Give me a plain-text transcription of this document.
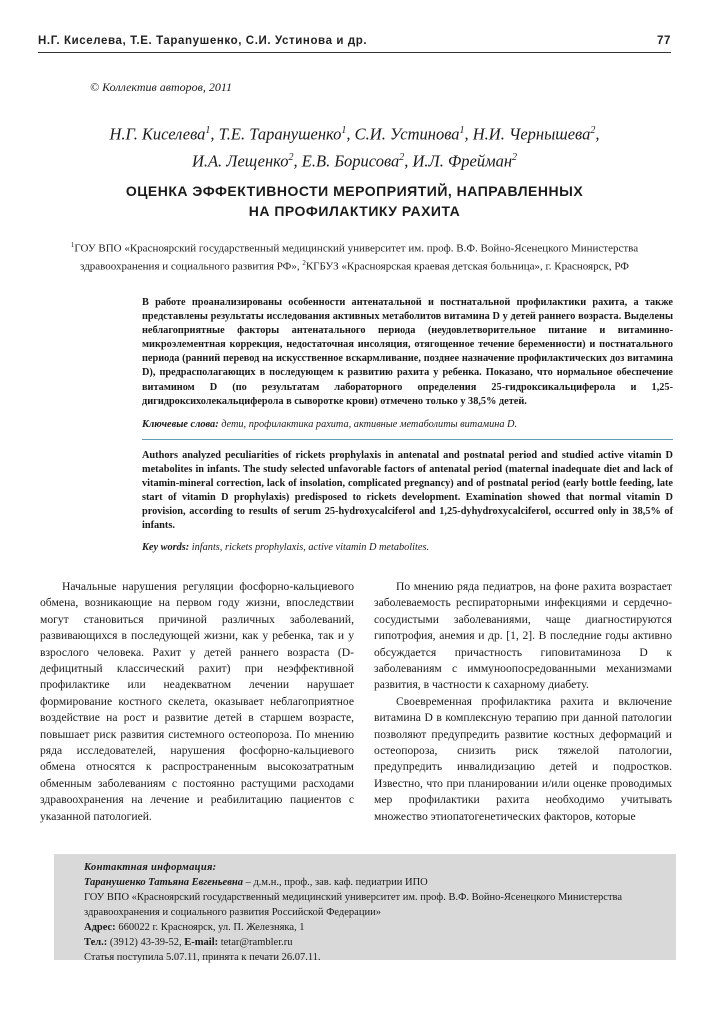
Н.Г. Киселева, Т.Е. Тараnушенко, С.И. Устинова и др.	77
© Коллектив авторов, 2011
Н.Г. Киселева$^1$, Т.Е. Таранушенко$^1$, С.И. Устинова$^1$, Н.И. Чернышева$^2$,
И.А. Лещенко$^2$, Е.В. Борисова$^2$, И.Л. Фрейман$^2$
ОЦЕНКА ЭФФЕКТИВНОСТИ МЕРОПРИЯТИЙ, НАПРАВЛЕННЫХ
НА ПРОФИЛАКТИКУ РАХИТА
$^1$ГОУ ВПО «Красноярский государственный медицинский университет им. проф. В.Ф. Войно-Ясенецкого Министерства здравоохранения и социального развития РФ», $^2$КГБУЗ «Красноярская краевая детская больница», г. Красноярск, РФ
В работе проанализированы особенности антенатальной и постнатальной профилактики рахита, а также представлены результаты исследования активных метаболитов витамина D у детей раннего возраста. Выделены неблагоприятные факторы антенатального периода (неудовлетворительное питание и витаминно-микроэлементная коррекция, недостаточная инсоляция, отягощенное течение беременности) и постнатального периода (ранний перевод на искусственное вскармливание, позднее назначение профилактических доз витамина D), предрасполагающих в последующем к развитию рахита у ребенка. Показано, что нормальное обеспечение витамином D (по результатам лабораторного определения 25-гидроксикальциферола и 1,25-дигидроксихолекальциферола в сыворотке крови) отмечено только у 38,5% детей.
Ключевые слова: дети, профилактика рахита, активные метаболиты витамина D.
Authors analyzed peculiarities of rickets prophylaxis in antenatal and postnatal period and studied active vitamin D metabolites in infants. The study selected unfavorable factors of antenatal period (maternal inadequate diet and lack of vitamin-mineral correction, lack of insolation, complicated pregnancy) and of postnatal period (early bottle feeding, late start of vitamin D prophylaxis) predisposed to rickets development. Examination showed that normal vitamin D provision, according to results of serum 25-hydroxycalciferol and 1,25-dyhydroxycalciferol, occurred only in 38,5% of infants.
Key words: infants, rickets prophylaxis, active vitamin D metabolites.

Начальные нарушения регуляции фосфорно-кальциевого обмена, возникающие на первом году жизни, впоследствии могут становиться причиной различных заболеваний, развивающихся в последующей жизни, как у ребенка, так и у взрослого человека. Рахит у детей раннего возраста (D-дефицитный классический рахит) при неэффективной профилактике или неадекватном лечении нарушает формирование костного скелета, оказывает неблагоприятное воздействие на рост и развитие детей в старшем возрасте, повышает риск развития системного остеопороза. По мнению ряда исследователей, нарушения фосфорно-кальциевого обмена относятся к распространенным высокозатратным обменным заболеваниям с постоянно растущими расходами здравоохранения на лечение и реабилитацию пациентов с указанной патологией.

По мнению ряда педиатров, на фоне рахита возрастает заболеваемость респираторными инфекциями и сердечно-сосудистыми заболеваниями, чаще диагностируются гипотрофия, анемия и др. [1, 2]. В последние годы активно обсуждается причастность гиповитаминоза D к заболеваниям с иммуноопосредованными механизмами развития, в частности к сахарному диабету.

Своевременная профилактика рахита и включение витамина D в комплексную терапию при данной патологии позволяют предупредить развитие костных деформаций и остеопороза, снизить риск тяжелой патологии, предупредить инвалидизацию детей и подростков. Известно, что при планировании и/или оценке проводимых мер профилактики рахита необходимо учитывать множество этиопатогенетических факторов, которые

Контактная информация:
Таранушенко Татьяна Евгеньевна – д.м.н., проф., зав. каф. педиатрии ИПО
ГОУ ВПО «Красноярский государственный медицинский университет им. проф. В.Ф. Войно-Ясенецкого Министерства здравоохранения и социального развития Российской Федерации»
Адрес: 660022 г. Красноярск, ул. П. Железняка, 1
Тел.: (3912) 43-39-52, E-mail: tetar@rambler.ru
Статья поступила 5.07.11, принята к печати 26.07.11.
